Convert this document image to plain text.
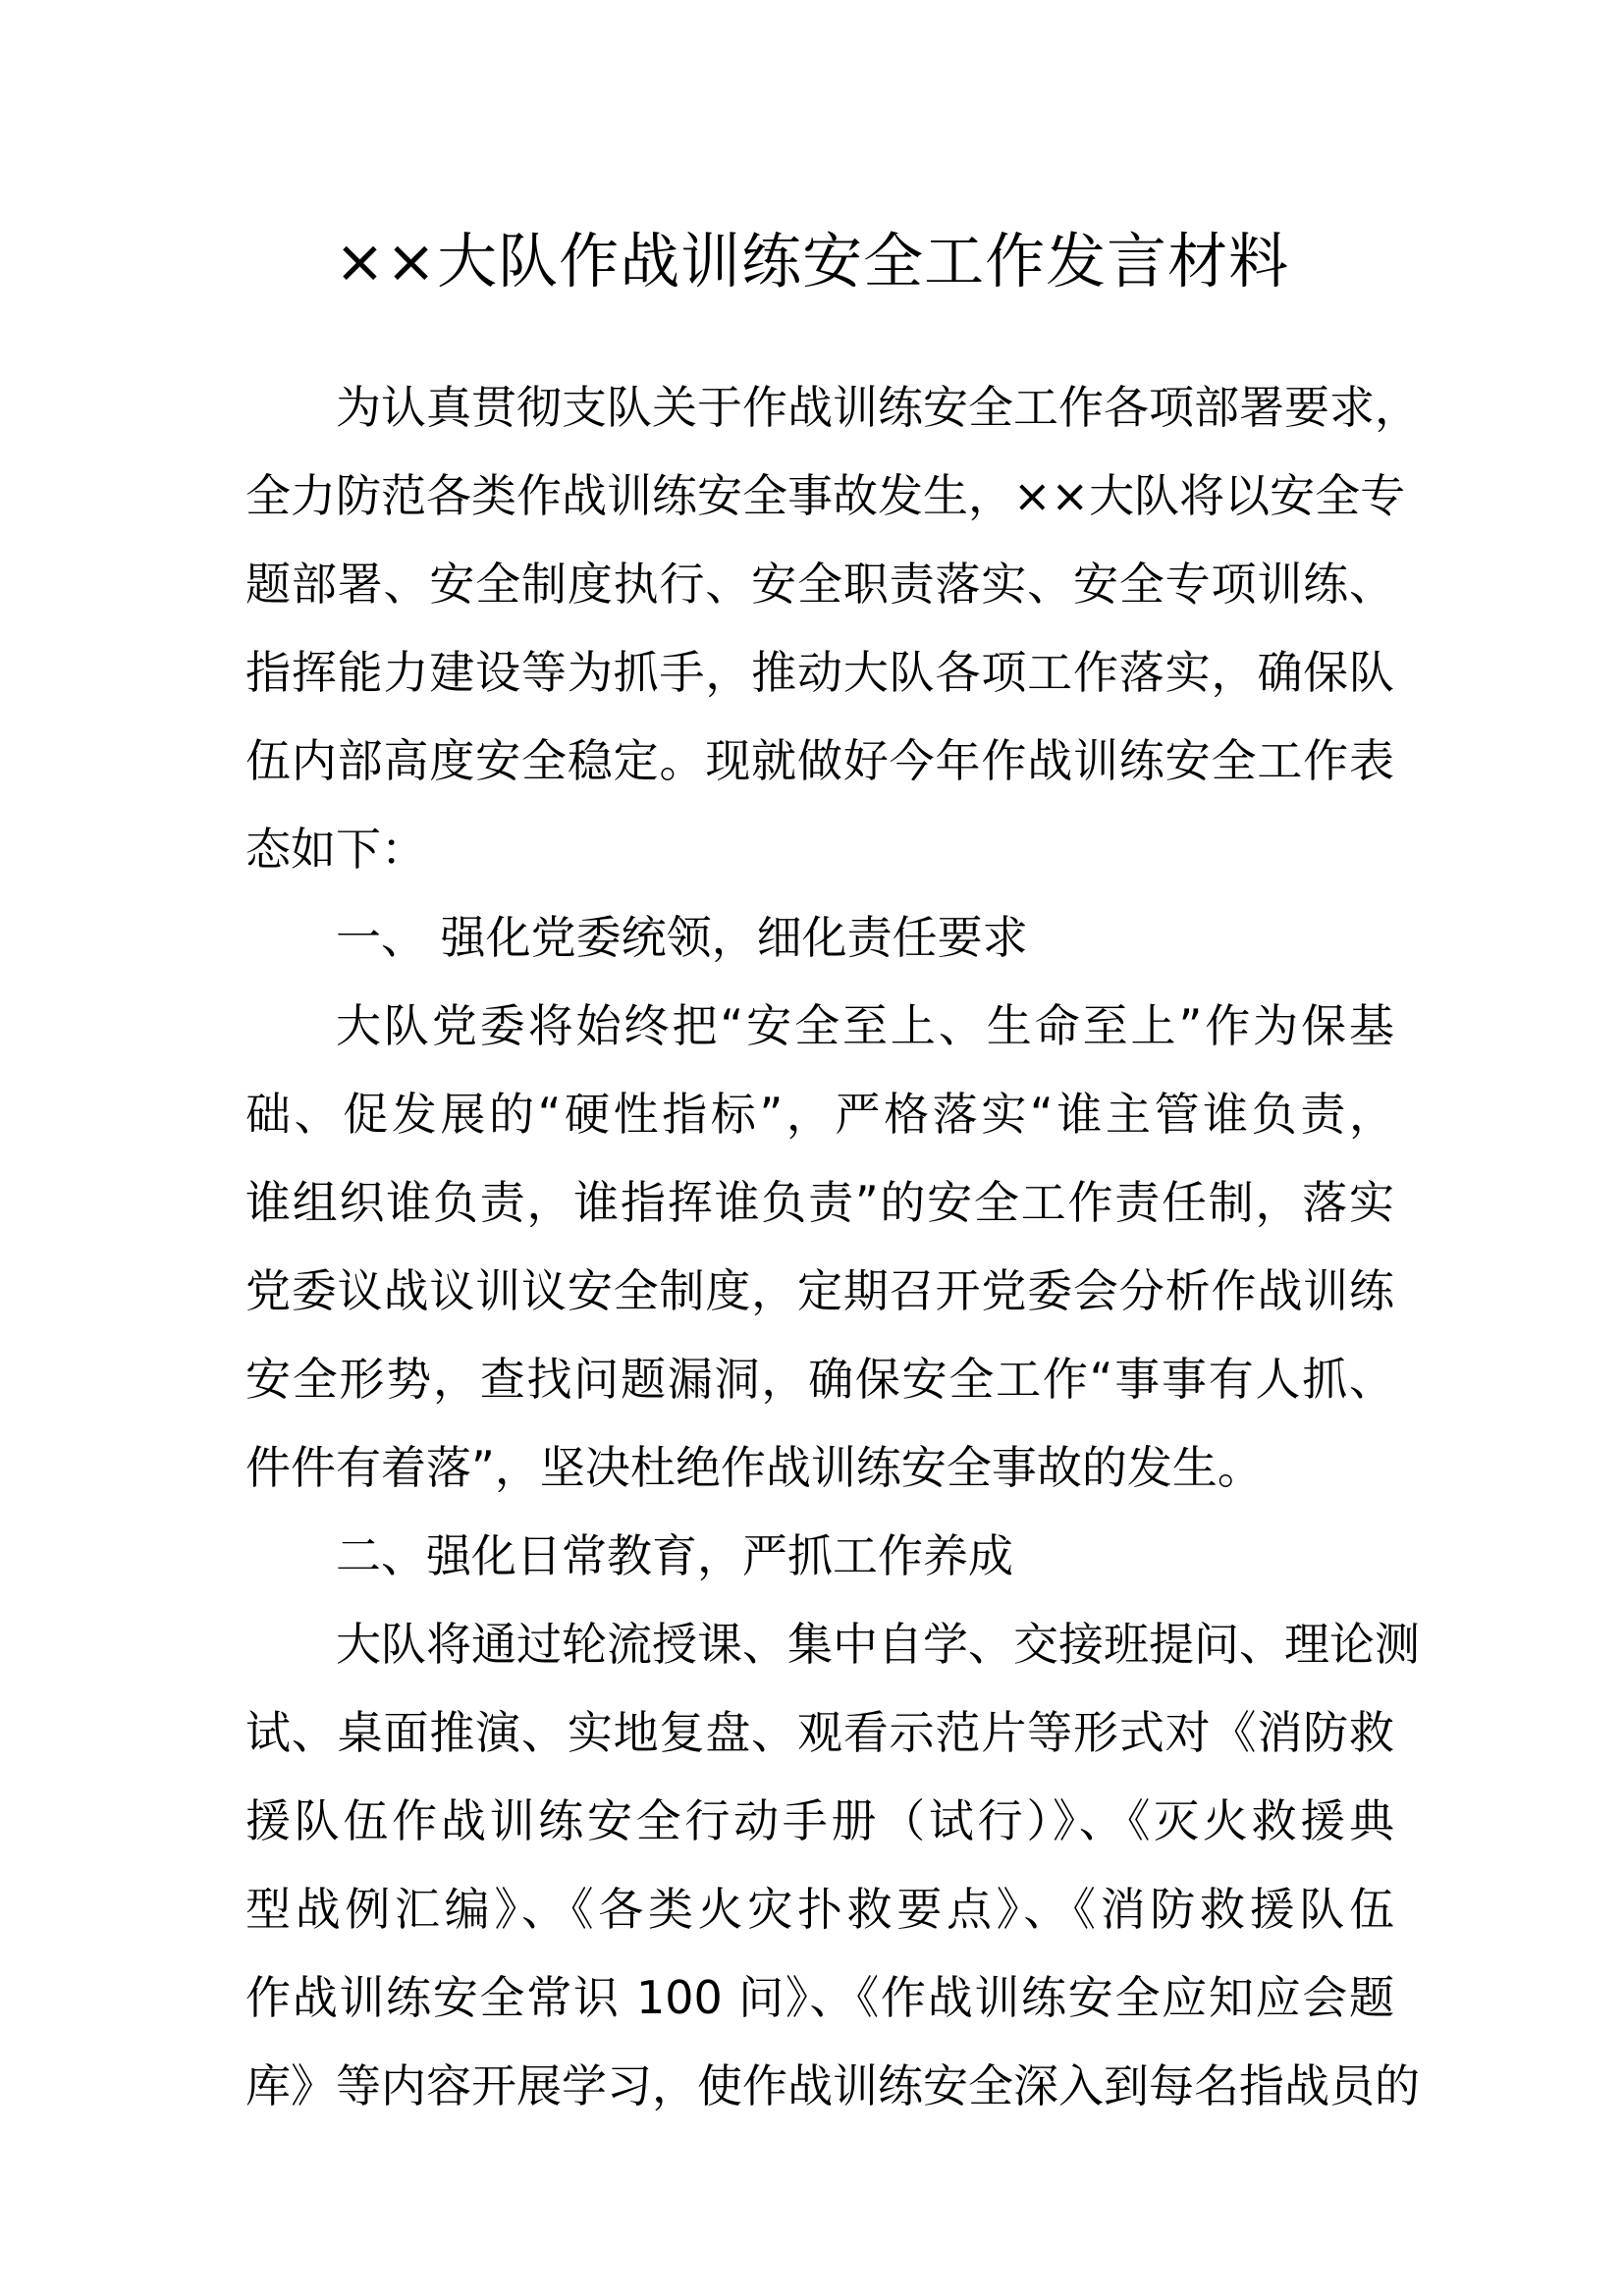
××大队作战训练安全工作发言材料
为认真贯彻支队关于作战训练安全工作各项部署要求，
全力防范各类作战训练安全事故发生，××大队将以安全专
题部署、安全制度执行、安全职责落实、安全专项训练、
指挥能力建设等为抓手，推动大队各项工作落实，确保队
伍内部高度安全稳定。现就做好今年作战训练安全工作表
态如下：
一、 强化党委统领，细化责任要求
大队党委将始终把“安全至上、生命至上”作为保基
础、促发展的“硬性指标”，严格落实“谁主管谁负责，
谁组织谁负责，谁指挥谁负责”的安全工作责任制，落实
党委议战议训议安全制度，定期召开党委会分析作战训练
安全形势，查找问题漏洞，确保安全工作“事事有人抓、
件件有着落”，坚决杜绝作战训练安全事故的发生。
二、强化日常教育，严抓工作养成
大队将通过轮流授课、集中自学、交接班提问、理论测
试、桌面推演、实地复盘、观看示范片等形式对《消防救
援队伍作战训练安全行动手册（试行）》、《灭火救援典
型战例汇编》、《各类火灾扑救要点》、《消防救援队伍
作战训练安全常识 100 问》、《作战训练安全应知应会题
库》等内容开展学习，使作战训练安全深入到每名指战员的
